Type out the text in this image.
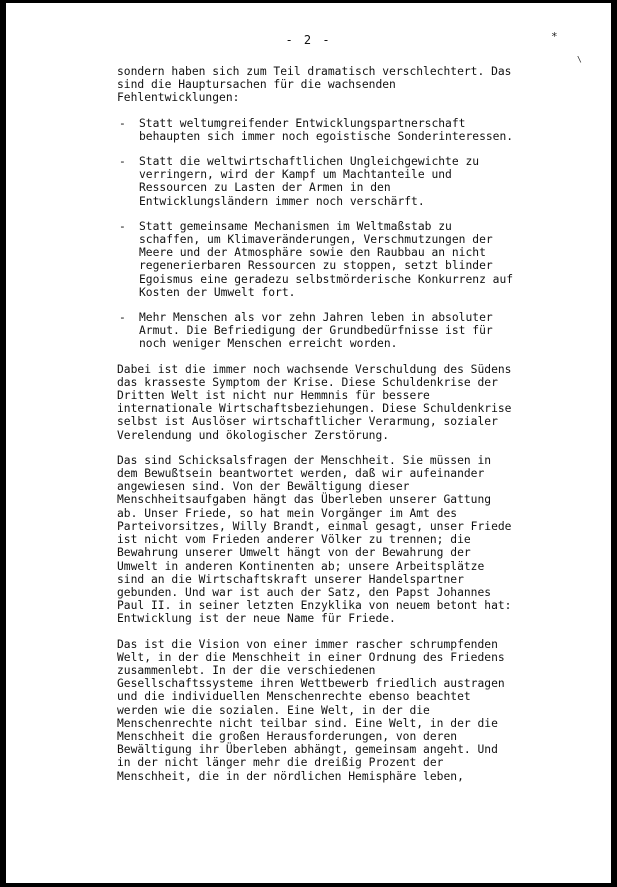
- 2 -	*
\

sondern haben sich zum Teil dramatisch verschlechtert. Das
sind die Hauptursachen für die wachsenden
Fehlentwicklungen:

- Statt weltumgreifender Entwicklungspartnerschaft
behaupten sich immer noch egoistische Sonderinteressen.
- Statt die weltwirtschaftlichen Ungleichgewichte zu
verringern, wird der Kampf um Machtanteile und
Ressourcen zu Lasten der Armen in den
Entwicklungsländern immer noch verschärft.
- Statt gemeinsame Mechanismen im Weltmaßstab zu
schaffen, um Klimaveränderungen, Verschmutzungen der
Meere und der Atmosphäre sowie den Raubbau an nicht
regenerierbaren Ressourcen zu stoppen, setzt blinder
Egoismus eine geradezu selbstmörderische Konkurrenz auf
Kosten der Umwelt fort.
- Mehr Menschen als vor zehn Jahren leben in absoluter
Armut. Die Befriedigung der Grundbedürfnisse ist für
noch weniger Menschen erreicht worden.

Dabei ist die immer noch wachsende Verschuldung des Südens
das krasseste Symptom der Krise. Diese Schuldenkrise der
Dritten Welt ist nicht nur Hemmnis für bessere
internationale Wirtschaftsbeziehungen. Diese Schuldenkrise
selbst ist Auslöser wirtschaftlicher Verarmung, sozialer
Verelendung und ökologischer Zerstörung.

Das sind Schicksalsfragen der Menschheit. Sie müssen in
dem Bewußtsein beantwortet werden, daß wir aufeinander
angewiesen sind. Von der Bewältigung dieser
Menschheitsaufgaben hängt das Überleben unserer Gattung
ab. Unser Friede, so hat mein Vorgänger im Amt des
Parteivorsitzes, Willy Brandt, einmal gesagt, unser Friede
ist nicht vom Frieden anderer Völker zu trennen; die
Bewahrung unserer Umwelt hängt von der Bewahrung der
Umwelt in anderen Kontinenten ab; unsere Arbeitsplätze
sind an die Wirtschaftskraft unserer Handelspartner
gebunden. Und war ist auch der Satz, den Papst Johannes
Paul II. in seiner letzten Enzyklika von neuem betont hat:
Entwicklung ist der neue Name für Friede.

Das ist die Vision von einer immer rascher schrumpfenden
Welt, in der die Menschheit in einer Ordnung des Friedens
zusammenlebt. In der die verschiedenen
Gesellschaftssysteme ihren Wettbewerb friedlich austragen
und die individuellen Menschenrechte ebenso beachtet
werden wie die sozialen. Eine Welt, in der die
Menschenrechte nicht teilbar sind. Eine Welt, in der die
Menschheit die großen Herausforderungen, von deren
Bewältigung ihr Überleben abhängt, gemeinsam angeht. Und
in der nicht länger mehr die dreißig Prozent der
Menschheit, die in der nördlichen Hemisphäre leben,
